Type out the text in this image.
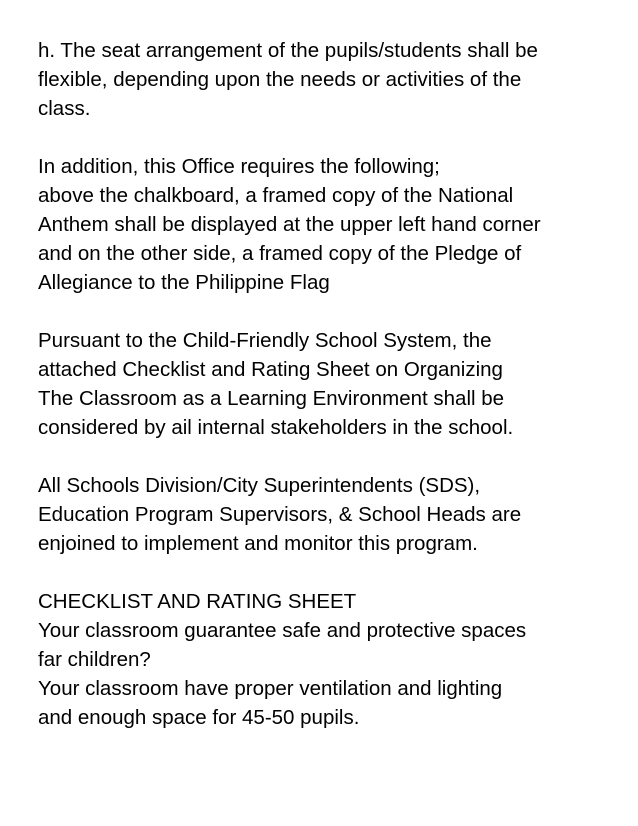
h. The seat arrangement of the pupils/students shall be
flexible, depending upon the needs or activities of the
class.

In addition, this Office requires the following;
above the chalkboard, a framed copy of the National
Anthem shall be displayed at the upper left hand corner
and on the other side, a framed copy of the Pledge of
Allegiance to the Philippine Flag

Pursuant to the Child-Friendly School System, the
attached Checklist and Rating Sheet on Organizing
The Classroom as a Learning Environment shall be
considered by ail internal stakeholders in the school.

All Schools Division/City Superintendents (SDS),
Education Program Supervisors, & School Heads are
enjoined to implement and monitor this program.

CHECKLIST AND RATING SHEET
Your classroom guarantee safe and protective spaces
far children?
Your classroom have proper ventilation and lighting
and enough space for 45-50 pupils.
